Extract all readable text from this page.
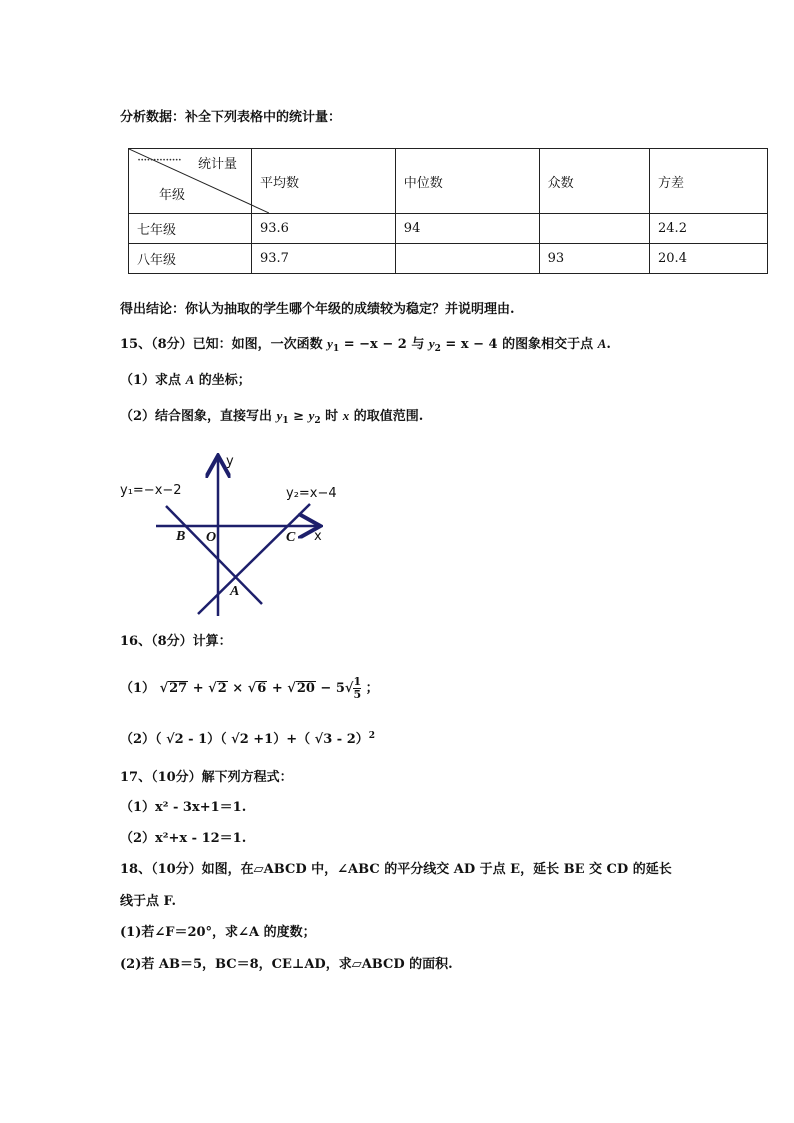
分析数据：补全下列表格中的统计量：
·············· 统计量
年级	平均数	中位数	众数	方差
七年级	93.6	94		24.2
八年级	93.7		93	20.4
得出结论：你认为抽取的学生哪个年级的成绩较为稳定？并说明理由.
15、（8分）已知：如图，一次函数 $y_1 = -x - 2$ 与 $y_2 = x - 4$ 的图象相交于点 A.
（1）求点 A 的坐标；
（2）结合图象，直接写出 $y_1 \ge y_2$ 时 x 的取值范围.
y₁=−x−2	y₂=x−4
x
y
B O	C
A
16、（8分）计算：
（1） $√27 + √2 \times √6 + √20 - 5√ \frac{1}{5}$ ；
（2）（ √2 - 1）（ √2 +1）+（ √3 - 2）$^2$
17、（10分）解下列方程式：
（1）x² - 3x+1＝1.
（2）x²+x - 12＝1.
18、（10分）如图，在▱ABCD 中，∠ABC 的平分线交 AD 于点 E，延长 BE 交 CD 的延长
线于点 F.
(1)若∠F＝20°，求∠A 的度数；
(2)若 AB＝5，BC＝8，CE⊥AD，求▱ABCD 的面积.
